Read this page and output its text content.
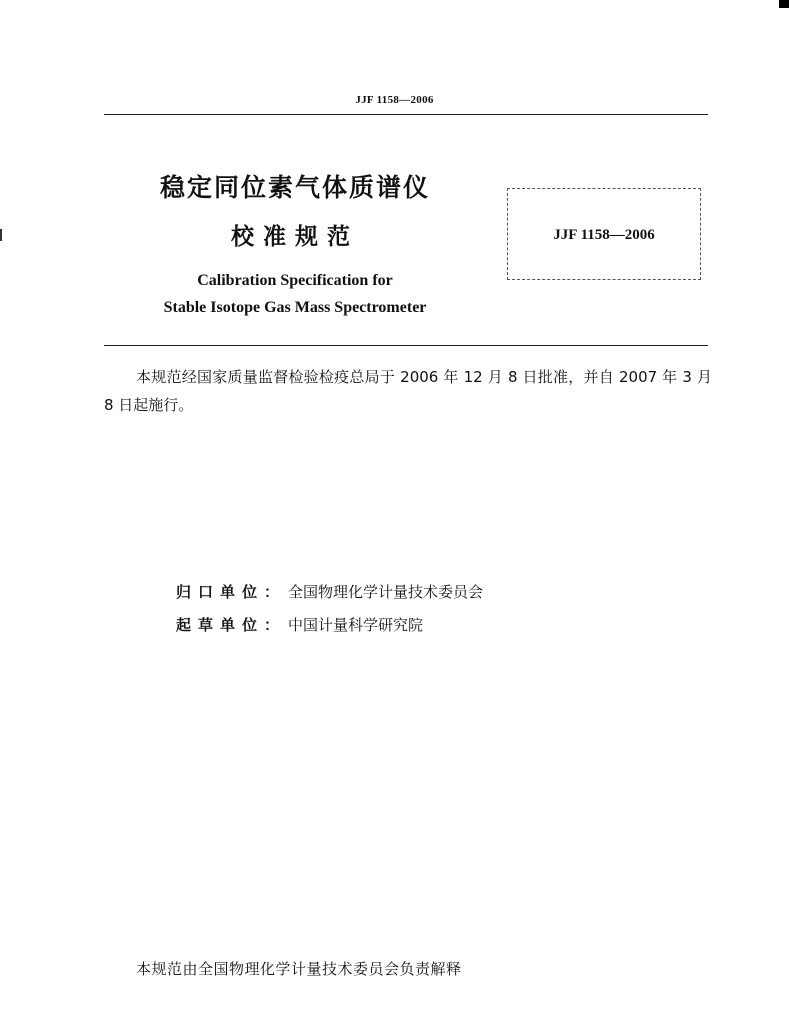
JJF 1158—2006
稳定同位素气体质谱仪
校准规范
Calibration Specification for
Stable Isotope Gas Mass Spectrometer
JJF 1158—2006
本规范经国家质量监督检验检疫总局于 2006 年 12 月 8 日批准，并自 2007 年 3 月 8 日起施行。
归口单位： 全国物理化学计量技术委员会
起草单位： 中国计量科学研究院
本规范由全国物理化学计量技术委员会负责解释
